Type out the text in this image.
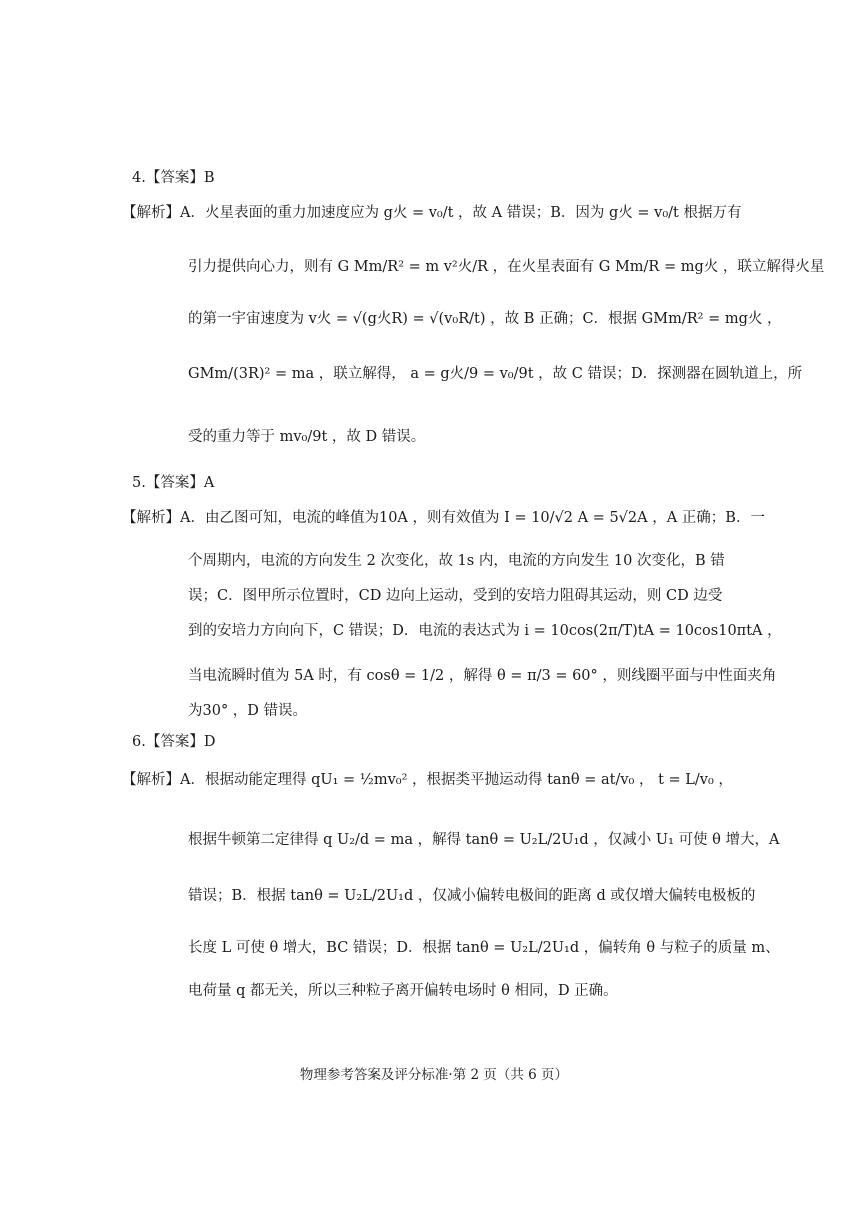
4.【答案】B
【解析】A．火星表面的重力加速度应为 g火 = v₀/t ，故 A 错误；B．因为 g火 = v₀/t 根据万有
引力提供向心力，则有 G Mm/R² = m v²火/R ，在火星表面有 G Mm/R = mg火 ，联立解得火星
的第一宇宙速度为 v火 = √(g火R) = √(v₀R/t) ，故 B 正确；C．根据 GMm/R² = mg火 ，
GMm/(3R)² = ma ，联立解得， a = g火/9 = v₀/9t ，故 C 错误；D．探测器在圆轨道上，所
受的重力等于 mv₀/9t ，故 D 错误。
5.【答案】A
【解析】A．由乙图可知，电流的峰值为10A ，则有效值为 I = 10/√2 A = 5√2A ，A 正确；B．一
个周期内，电流的方向发生 2 次变化，故 1s 内，电流的方向发生 10 次变化，B 错
误；C．图甲所示位置时，CD 边向上运动，受到的安培力阻碍其运动，则 CD 边受
到的安培力方向向下，C 错误；D．电流的表达式为 i = 10cos(2π/T)tA = 10cos10πtA ，
当电流瞬时值为 5A 时，有 cosθ = 1/2 ，解得 θ = π/3 = 60° ，则线圈平面与中性面夹角
为30° ，D 错误。
6.【答案】D
【解析】A．根据动能定理得 qU₁ = ½mv₀² ，根据类平抛运动得 tanθ = at/v₀ ， t = L/v₀ ，
根据牛顿第二定律得 q U₂/d = ma ，解得 tanθ = U₂L/2U₁d ，仅减小 U₁ 可使 θ 增大，A
错误；B．根据 tanθ = U₂L/2U₁d ，仅减小偏转电极间的距离 d 或仅增大偏转电极板的
长度 L 可使 θ 增大，BC 错误；D．根据 tanθ = U₂L/2U₁d ，偏转角 θ 与粒子的质量 m、
电荷量 q 都无关，所以三种粒子离开偏转电场时 θ 相同，D 正确。
物理参考答案及评分标准·第 2 页（共 6 页）
